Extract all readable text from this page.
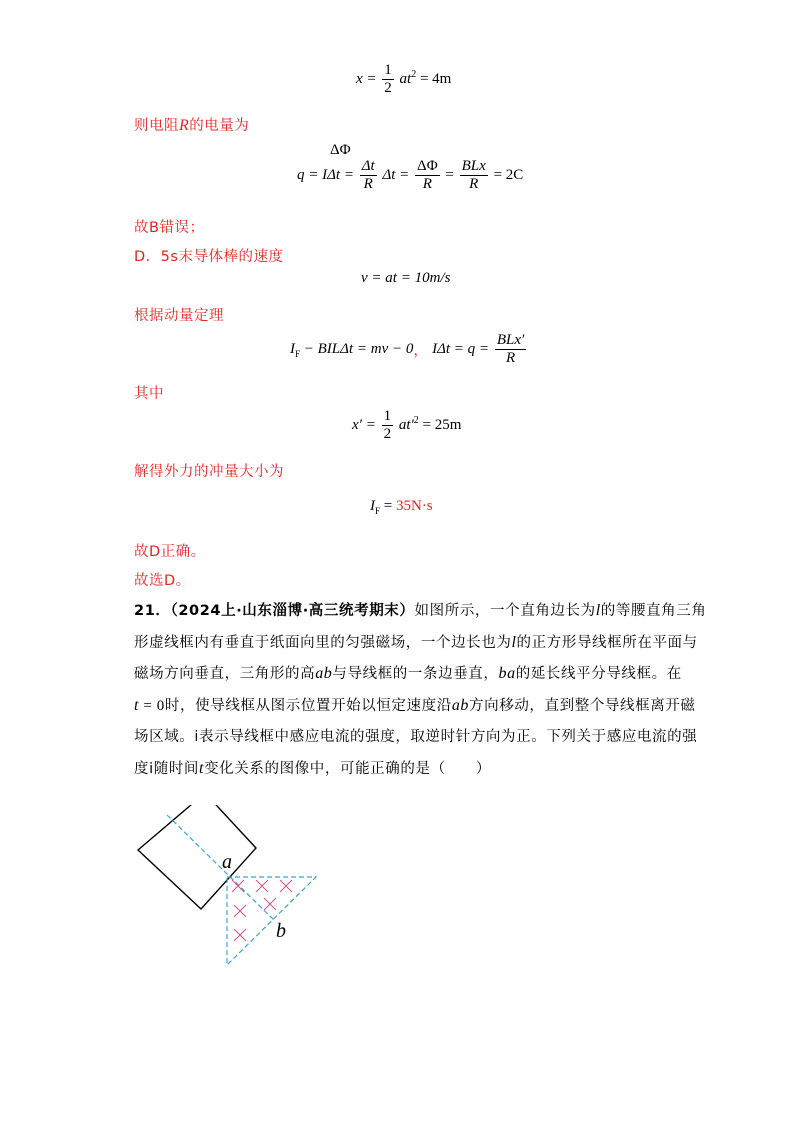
$x = \frac{1}{2} at^2 = 4m$
则电阻R的电量为
ΔΦ
$q = I\Delta t = \frac{\Delta t}{R}$ $\Delta t = \frac{\Delta\Phi}{R} = \frac{\text{BLx}}{R} = 2C$
故B错误；
D．5s末导体棒的速度
v = at = 10m/s
根据动量定理
$I_F - BIL\Delta t$ = mv − 0， $I\Delta t = q = \frac{\text{BLx′}}{R}$
其中
$x' = \frac{1}{2} at'^2 = 25m$
解得外力的冲量大小为
$I_F = 35N\cdot s$
故D正确。
故选D。
21．（2024上·山东淄博·高三统考期末）如图所示，一个直角边长为l的等腰直角三角
形虚线框内有垂直于纸面向里的匀强磁场，一个边长也为l的正方形导线框所在平面与
磁场方向垂直，三角形的高ab与导线框的一条边垂直，ba的延长线平分导线框。在
t = 0时，使导线框从图示位置开始以恒定速度沿ab方向移动，直到整个导线框离开磁
场区域。i表示导线框中感应电流的强度，取逆时针方向为正。下列关于感应电流的强
度i随时间t变化关系的图像中，可能正确的是（　　）
a
b
